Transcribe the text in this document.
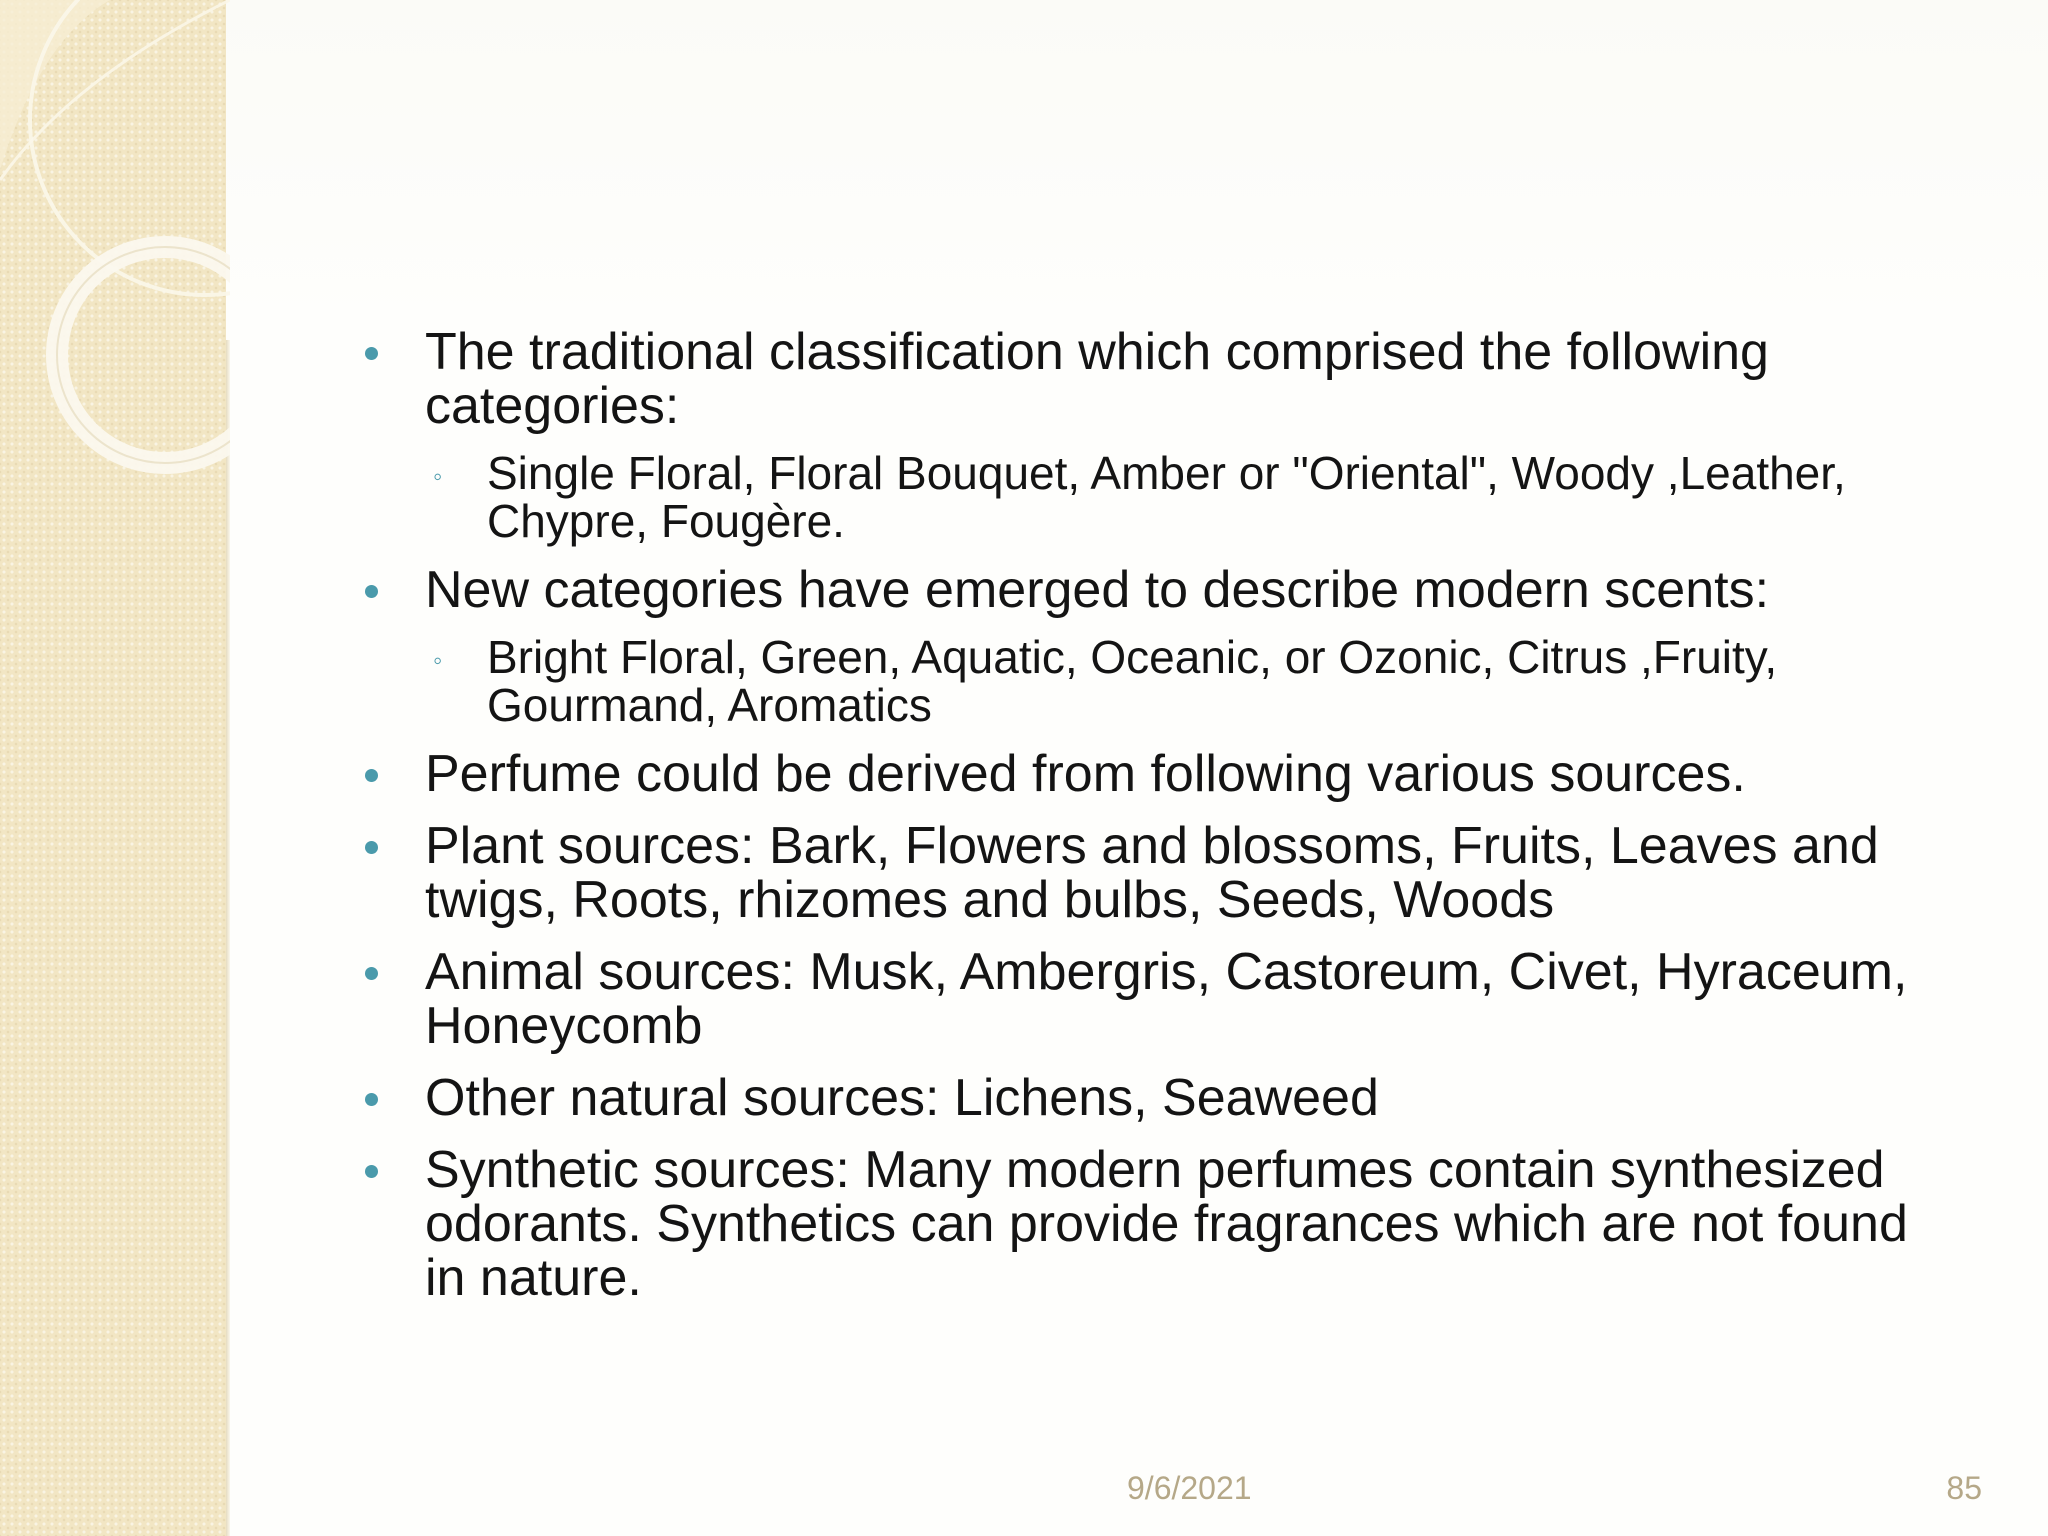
The traditional classification which comprised the following categories:
◦ Single Floral, Floral Bouquet, Amber or "Oriental", Woody ,Leather, Chypre, Fougère.
New categories have emerged to describe modern scents:
◦ Bright Floral, Green, Aquatic, Oceanic, or Ozonic, Citrus ,Fruity, Gourmand, Aromatics
Perfume could be derived from following various sources.
Plant sources: Bark, Flowers and blossoms, Fruits, Leaves and twigs, Roots, rhizomes and bulbs, Seeds, Woods
Animal sources: Musk, Ambergris, Castoreum, Civet, Hyraceum, Honeycomb
Other natural sources: Lichens, Seaweed
Synthetic sources: Many modern perfumes contain synthesized odorants. Synthetics can provide fragrances which are not found in nature.
9/6/2021	85
